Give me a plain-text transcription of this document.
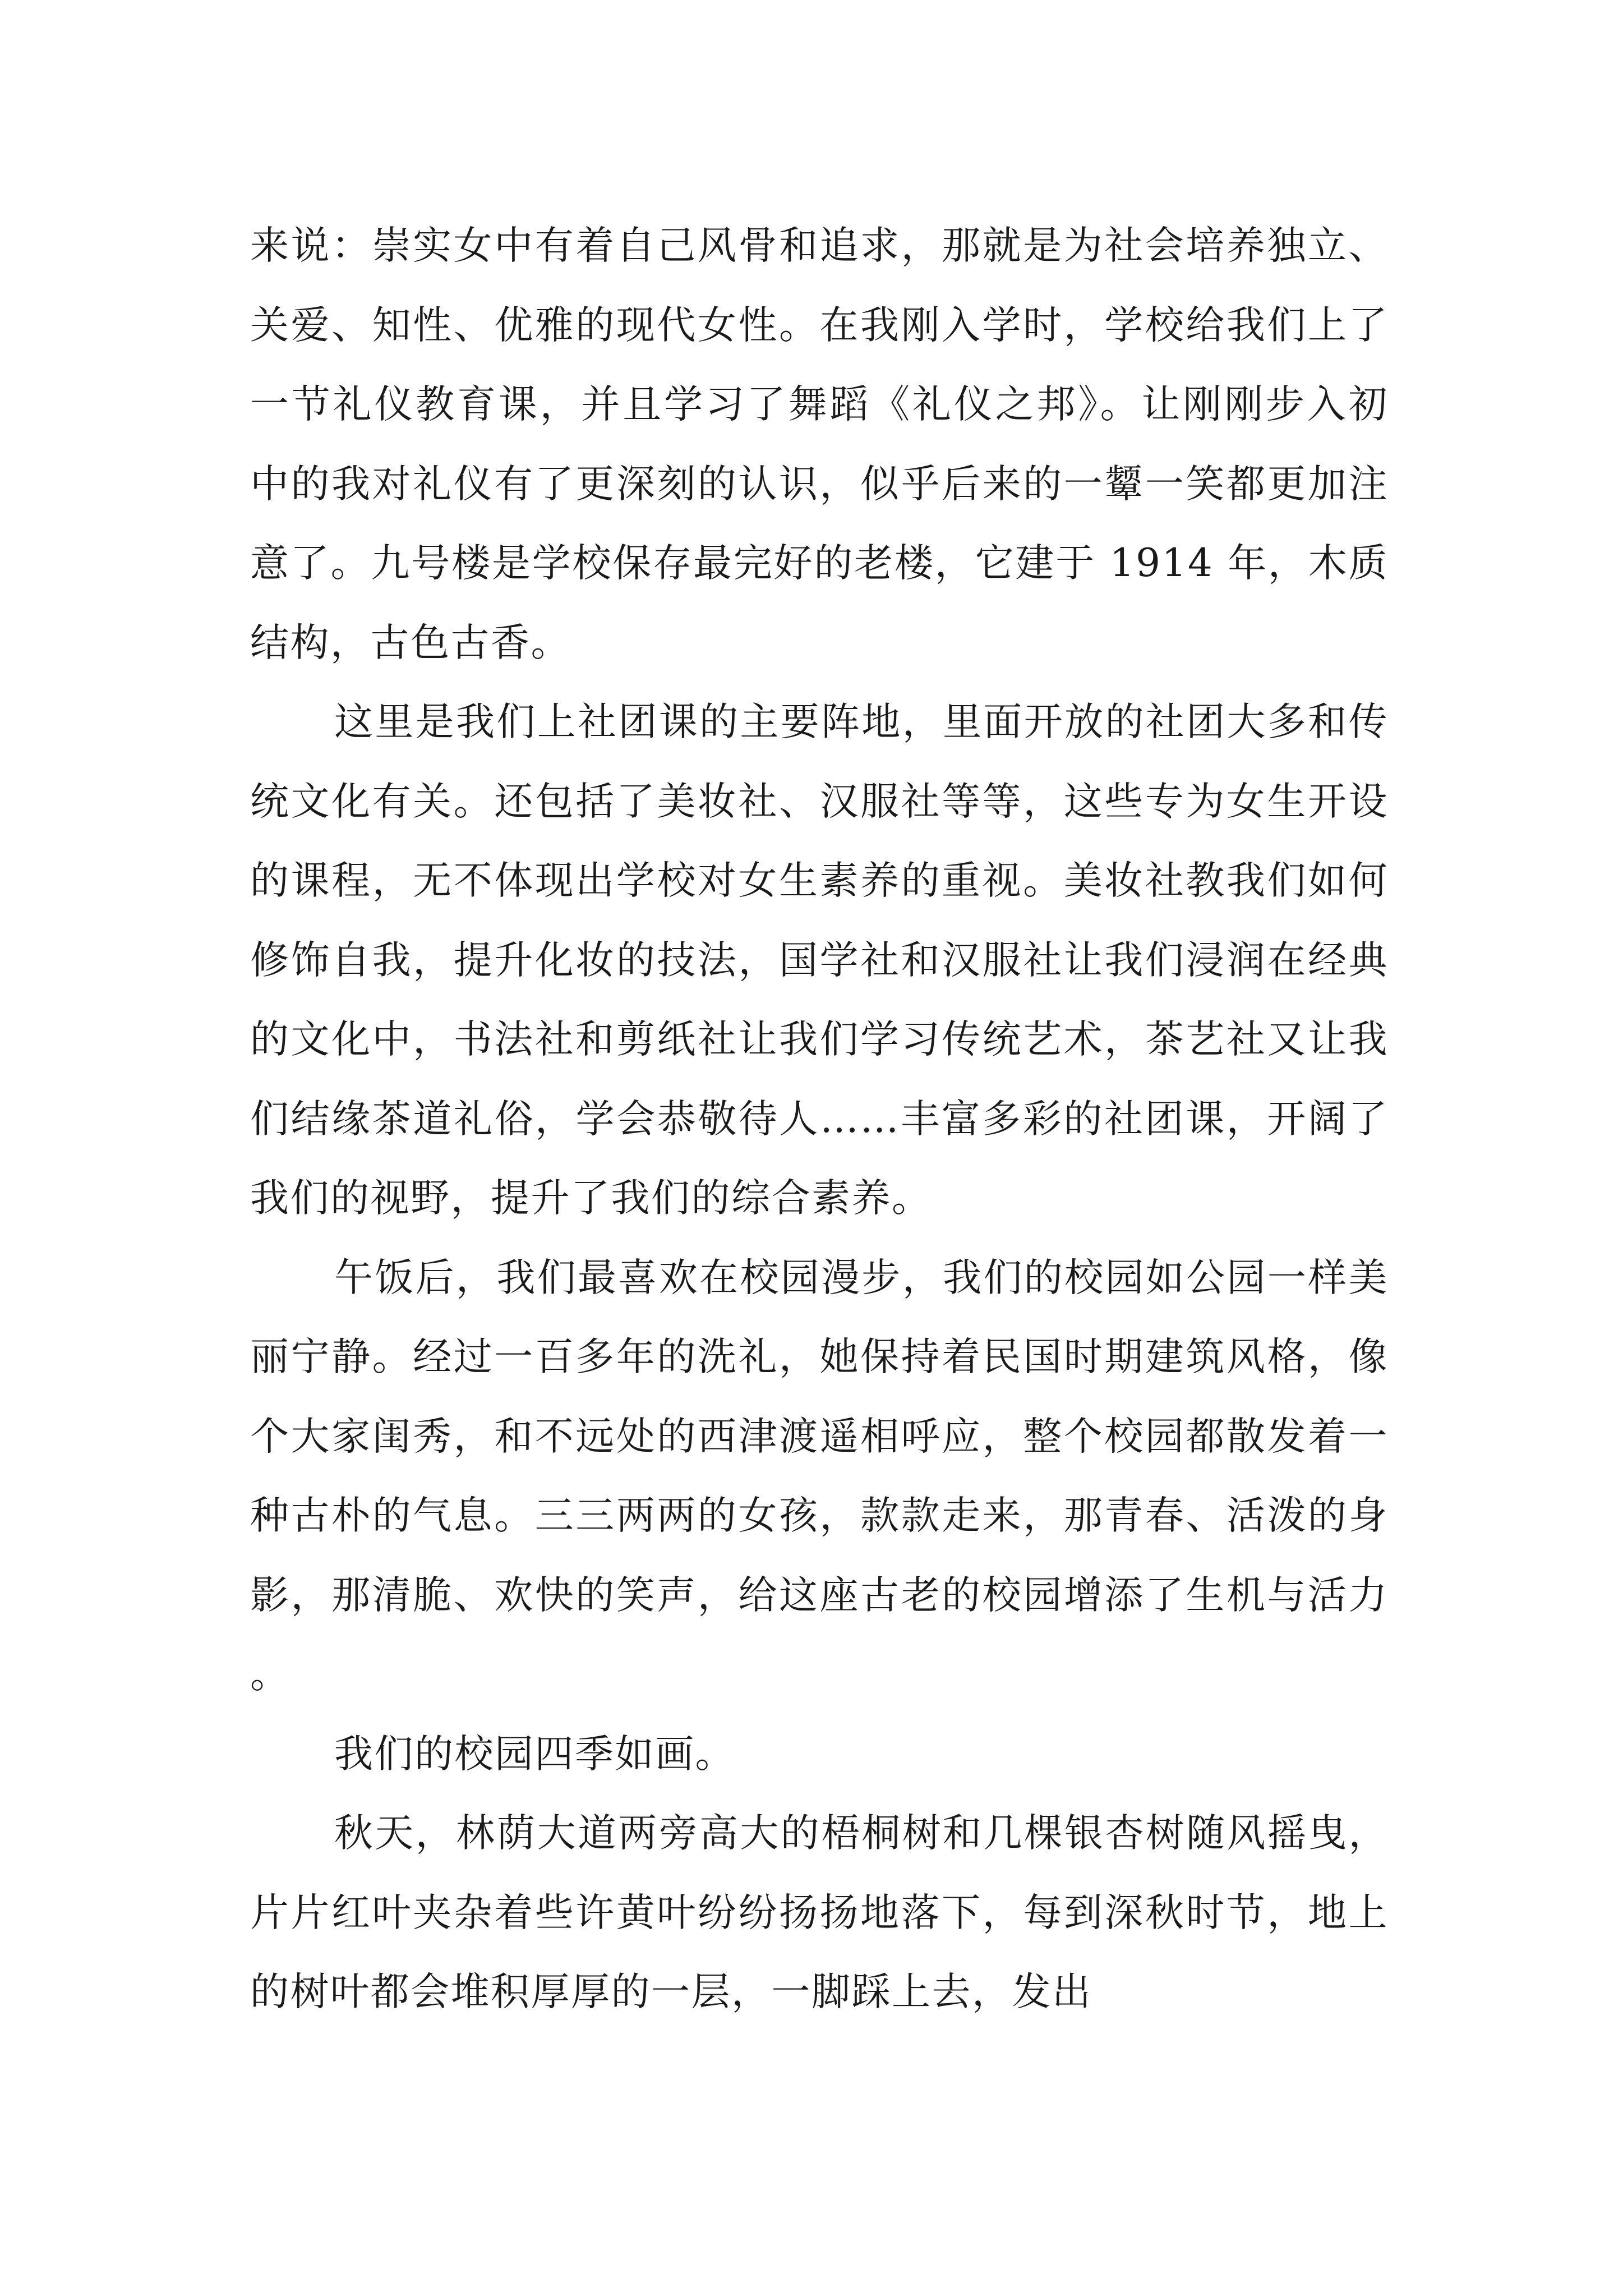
来说：崇实女中有着自己风骨和追求，那就是为社会培养独立、关爱、知性、优雅的现代女性。在我刚入学时，学校给我们上了一节礼仪教育课，并且学习了舞蹈《礼仪之邦》。让刚刚步入初中的我对礼仪有了更深刻的认识，似乎后来的一颦一笑都更加注意了。九号楼是学校保存最完好的老楼，它建于 1914 年，木质结构，古色古香。

这里是我们上社团课的主要阵地，里面开放的社团大多和传统文化有关。还包括了美妆社、汉服社等等，这些专为女生开设的课程，无不体现出学校对女生素养的重视。美妆社教我们如何修饰自我，提升化妆的技法，国学社和汉服社让我们浸润在经典的文化中，书法社和剪纸社让我们学习传统艺术，茶艺社又让我们结缘茶道礼俗，学会恭敬待人……丰富多彩的社团课，开阔了我们的视野，提升了我们的综合素养。

午饭后，我们最喜欢在校园漫步，我们的校园如公园一样美丽宁静。经过一百多年的洗礼，她保持着民国时期建筑风格，像个大家闺秀，和不远处的西津渡遥相呼应，整个校园都散发着一种古朴的气息。三三两两的女孩，款款走来，那青春、活泼的身影，那清脆、欢快的笑声，给这座古老的校园增添了生机与活力。

我们的校园四季如画。

秋天，林荫大道两旁高大的梧桐树和几棵银杏树随风摇曳，片片红叶夹杂着些许黄叶纷纷扬扬地落下，每到深秋时节，地上的树叶都会堆积厚厚的一层，一脚踩上去，发出
